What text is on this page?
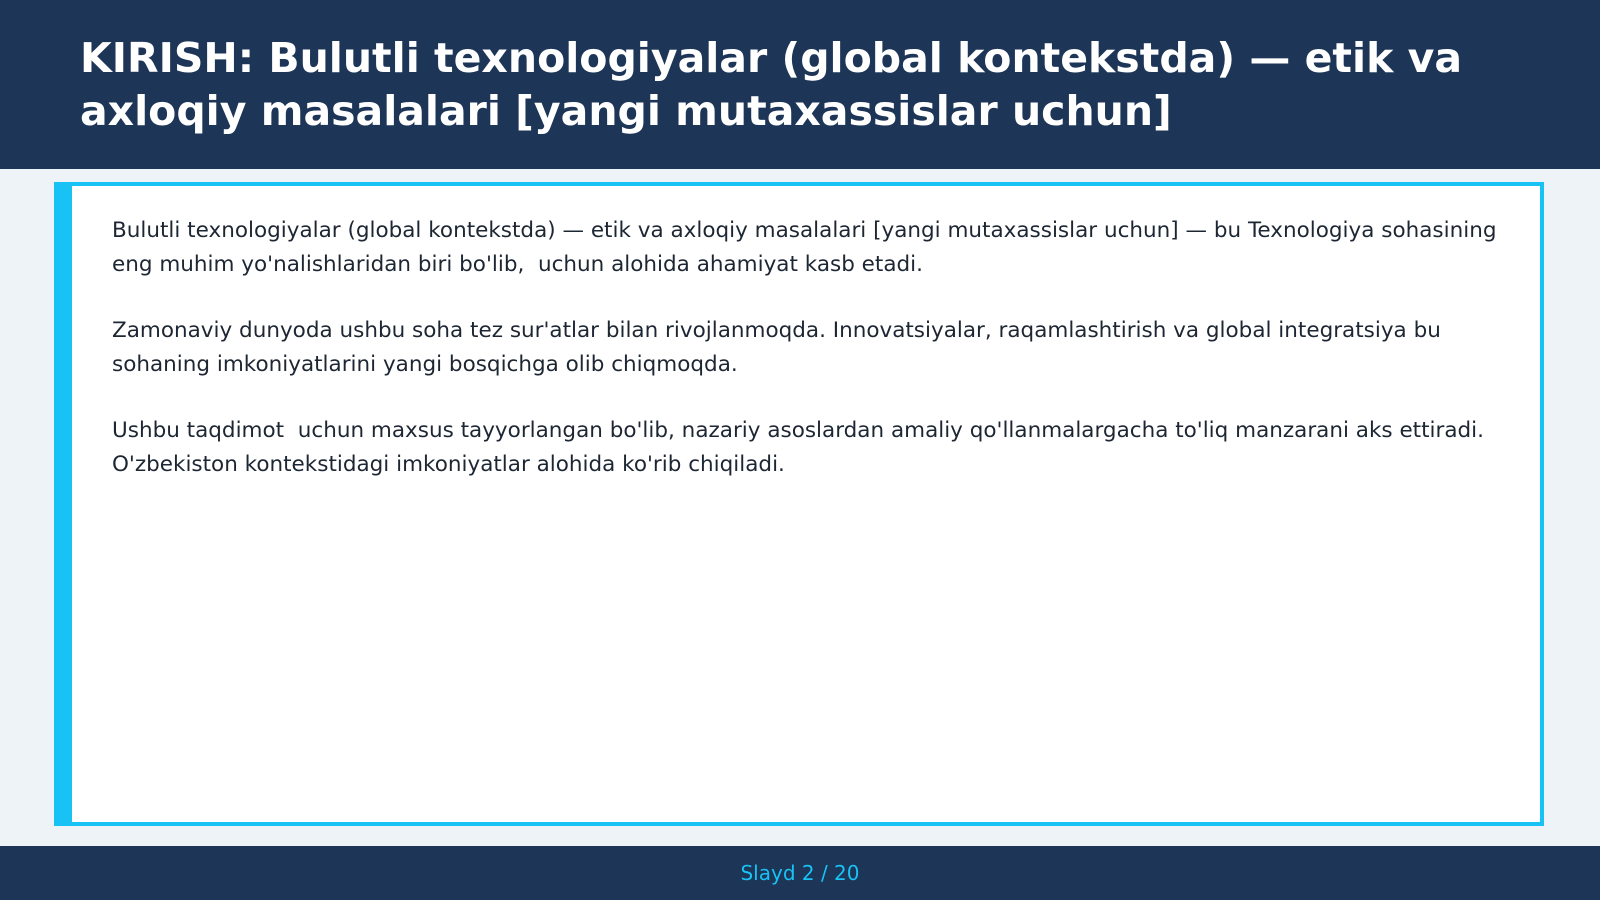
KIRISH: Bulutli texnologiyalar (global kontekstda) — etik va axloqiy masalalari [yangi mutaxassislar uchun]

Bulutli texnologiyalar (global kontekstda) — etik va axloqiy masalalari [yangi mutaxassislar uchun] — bu Texnologiya sohasining eng muhim yo'nalishlaridan biri bo'lib,  uchun alohida ahamiyat kasb etadi.

Zamonaviy dunyoda ushbu soha tez sur'atlar bilan rivojlanmoqda. Innovatsiyalar, raqamlashtirish va global integratsiya bu sohaning imkoniyatlarini yangi bosqichga olib chiqmoqda.

Ushbu taqdimot  uchun maxsus tayyorlangan bo'lib, nazariy asoslardan amaliy qo'llanmalargacha to'liq manzarani aks ettiradi. O'zbekiston kontekstidagi imkoniyatlar alohida ko'rib chiqiladi.

Slayd 2 / 20
